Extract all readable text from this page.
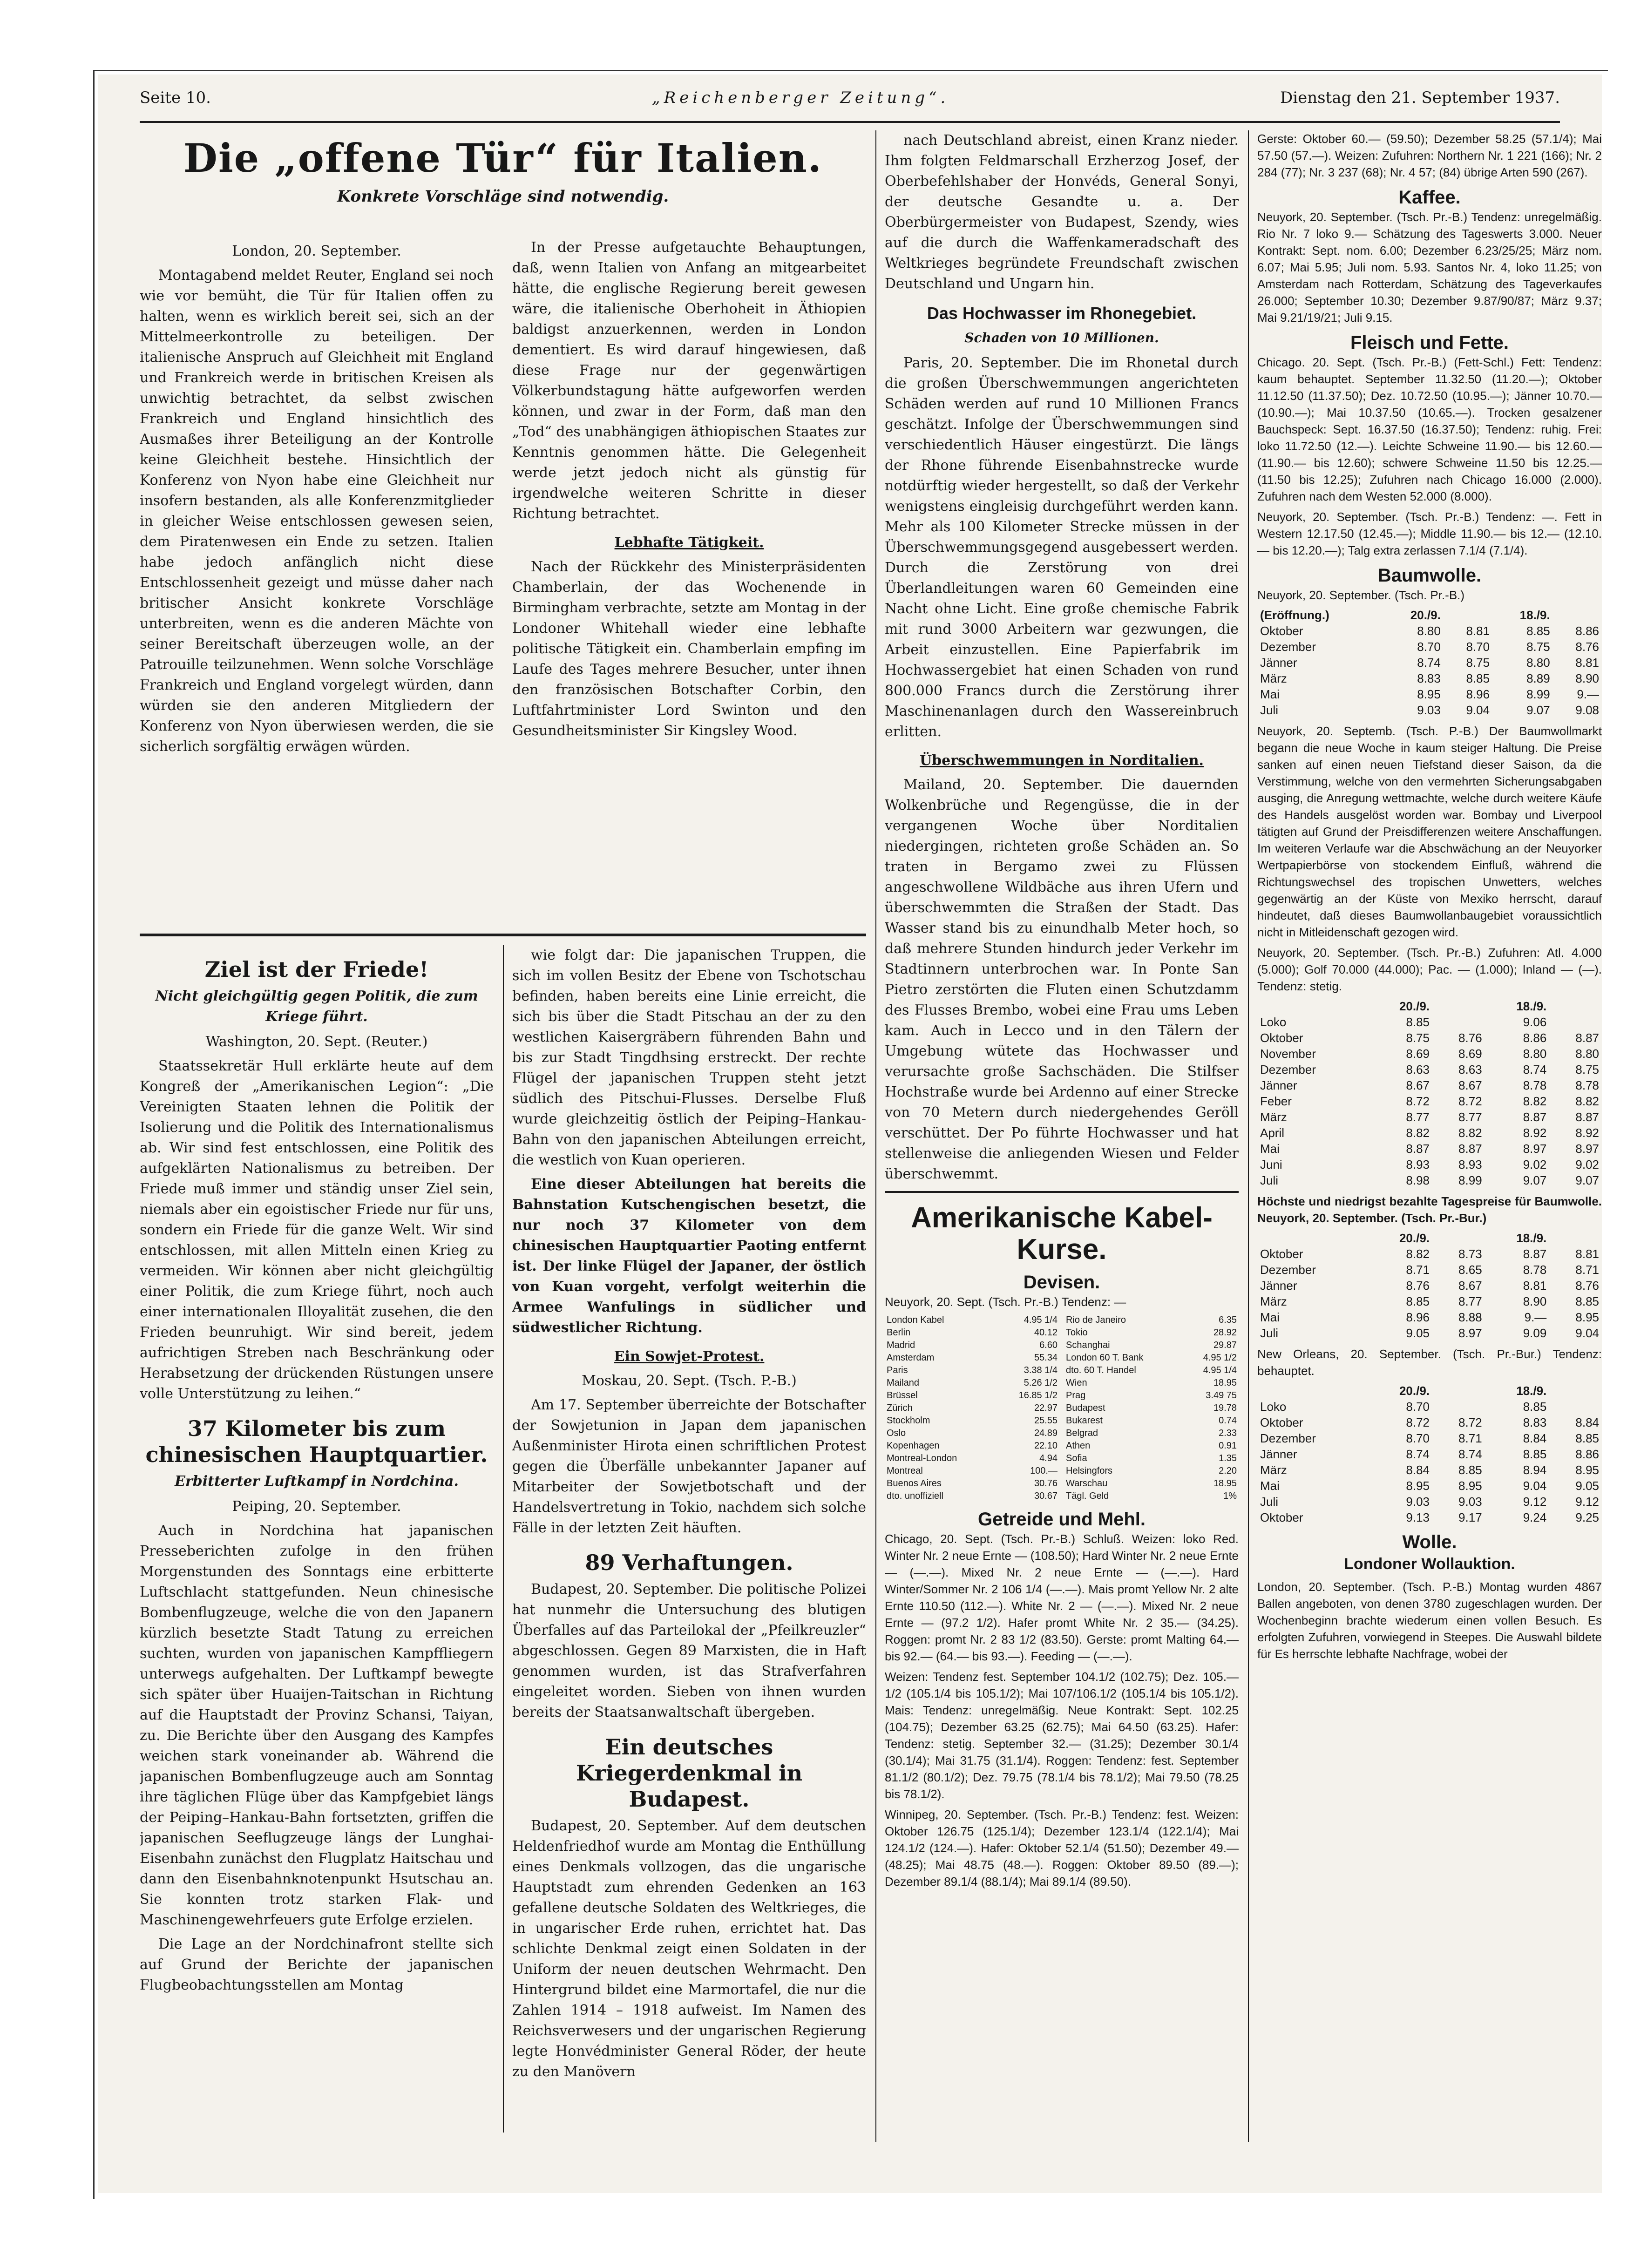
Seite 10.	„Reichenberger Zeitung“.	Dienstag den 21. September 1937.
Die „offene Tür“ für Italien.
Konkrete Vorschläge sind notwendig.

London, 20. September.

Montagabend meldet Reuter, England sei noch wie vor bemüht, die Tür für Italien offen zu halten, wenn es wirklich bereit sei, sich an der Mittelmeerkontrolle zu beteiligen. Der italienische Anspruch auf Gleichheit mit England und Frankreich werde in britischen Kreisen als unwichtig betrachtet, da selbst zwischen Frankreich und England hinsichtlich des Ausmaßes ihrer Beteiligung an der Kontrolle keine Gleichheit bestehe. Hinsichtlich der Konferenz von Nyon habe eine Gleichheit nur insofern bestanden, als alle Konferenzmitglieder in gleicher Weise entschlossen gewesen seien, dem Piratenwesen ein Ende zu setzen. Italien habe jedoch anfänglich nicht diese Entschlossenheit gezeigt und müsse daher nach britischer Ansicht konkrete Vorschläge unterbreiten, wenn es die anderen Mächte von seiner Bereitschaft überzeugen wolle, an der Patrouille teilzunehmen. Wenn solche Vorschläge Frankreich und England vorgelegt würden, dann würden sie den anderen Mitgliedern der Konferenz von Nyon überwiesen werden, die sie sicherlich sorgfältig erwägen würden.

In der Presse aufgetauchte Behauptungen, daß, wenn Italien von Anfang an mitgearbeitet hätte, die englische Regierung bereit gewesen wäre, die italienische Oberhoheit in Äthiopien baldigst anzuerkennen, werden in London dementiert. Es wird darauf hingewiesen, daß diese Frage nur der gegenwärtigen Völkerbundstagung hätte aufgeworfen werden können, und zwar in der Form, daß man den „Tod“ des unabhängigen äthiopischen Staates zur Kenntnis genommen hätte. Die Gelegenheit werde jetzt jedoch nicht als günstig für irgendwelche weiteren Schritte in dieser Richtung betrachtet.

Lebhafte Tätigkeit.

Nach der Rückkehr des Ministerpräsidenten Chamberlain, der das Wochenende in Birmingham verbrachte, setzte am Montag in der Londoner Whitehall wieder eine lebhafte politische Tätigkeit ein. Chamberlain empfing im Laufe des Tages mehrere Besucher, unter ihnen den französischen Botschafter Corbin, den Luftfahrtminister Lord Swinton und den Gesundheitsminister Sir Kingsley Wood.

Ziel ist der Friede!
Nicht gleichgültig gegen Politik, die zum Kriege führt.

Washington, 20. Sept. (Reuter.)

Staatssekretär Hull erklärte heute auf dem Kongreß der „Amerikanischen Legion“: „Die Vereinigten Staaten lehnen die Politik der Isolierung und die Politik des Internationalismus ab. Wir sind fest entschlossen, eine Politik des aufgeklärten Nationalismus zu betreiben. Der Friede muß immer und ständig unser Ziel sein, niemals aber ein egoistischer Friede nur für uns, sondern ein Friede für die ganze Welt. Wir sind entschlossen, mit allen Mitteln einen Krieg zu vermeiden. Wir können aber nicht gleichgültig einer Politik, die zum Kriege führt, noch auch einer internationalen Illoyalität zusehen, die den Frieden beunruhigt. Wir sind bereit, jedem aufrichtigen Streben nach Beschränkung oder Herabsetzung der drückenden Rüstungen unsere volle Unterstützung zu leihen.“

37 Kilometer bis zum chinesischen Hauptquartier.
Erbitterter Luftkampf in Nordchina.

Peiping, 20. September.

Auch in Nordchina hat japanischen Presseberichten zufolge in den frühen Morgenstunden des Sonntags eine erbitterte Luftschlacht stattgefunden. Neun chinesische Bombenflugzeuge, welche die von den Japanern kürzlich besetzte Stadt Tatung zu erreichen suchten, wurden von japanischen Kampffliegern unterwegs aufgehalten. Der Luftkampf bewegte sich später über Huaijen-Taitschan in Richtung auf die Hauptstadt der Provinz Schansi, Taiyan, zu. Die Berichte über den Ausgang des Kampfes weichen stark voneinander ab. Während die japanischen Bombenflugzeuge auch am Sonntag ihre täglichen Flüge über das Kampfgebiet längs der Peiping–Hankau-Bahn fortsetzten, griffen die japanischen Seeflugzeuge längs der Lunghai-Eisenbahn zunächst den Flugplatz Haitschau und dann den Eisenbahnknotenpunkt Hsutschau an. Sie konnten trotz starken Flak- und Maschinengewehrfeuers gute Erfolge erzielen.

Die Lage an der Nordchinafront stellte sich auf Grund der Berichte der japanischen Flugbeobachtungsstellen am Montag

wie folgt dar: Die japanischen Truppen, die sich im vollen Besitz der Ebene von Tschotschau befinden, haben bereits eine Linie erreicht, die sich bis über die Stadt Pitschau an der zu den westlichen Kaisergräbern führenden Bahn und bis zur Stadt Tingdhsing erstreckt. Der rechte Flügel der japanischen Truppen steht jetzt südlich des Pitschui-Flusses. Derselbe Fluß wurde gleichzeitig östlich der Peiping–Hankau-Bahn von den japanischen Abteilungen erreicht, die westlich von Kuan operieren.

Eine dieser Abteilungen hat bereits die Bahnstation Kutschengischen besetzt, die nur noch 37 Kilometer von dem chinesischen Hauptquartier Paoting entfernt ist. Der linke Flügel der Japaner, der östlich von Kuan vorgeht, verfolgt weiterhin die Armee Wanfulings in südlicher und südwestlicher Richtung.

Ein Sowjet-Protest.

Moskau, 20. Sept. (Tsch. P.-B.)

Am 17. September überreichte der Botschafter der Sowjetunion in Japan dem japanischen Außenminister Hirota einen schriftlichen Protest gegen die Überfälle unbekannter Japaner auf Mitarbeiter der Sowjetbotschaft und der Handelsvertretung in Tokio, nachdem sich solche Fälle in der letzten Zeit häuften.

89 Verhaftungen.

Budapest, 20. September. Die politische Polizei hat nunmehr die Untersuchung des blutigen Überfalles auf das Parteilokal der „Pfeilkreuzler“ abgeschlossen. Gegen 89 Marxisten, die in Haft genommen wurden, ist das Strafverfahren eingeleitet worden. Sieben von ihnen wurden bereits der Staatsanwaltschaft übergeben.

Ein deutsches Kriegerdenkmal in Budapest.

Budapest, 20. September. Auf dem deutschen Heldenfriedhof wurde am Montag die Enthüllung eines Denkmals vollzogen, das die ungarische Hauptstadt zum ehrenden Gedenken an 163 gefallene deutsche Soldaten des Weltkrieges, die in ungarischer Erde ruhen, errichtet hat. Das schlichte Denkmal zeigt einen Soldaten in der Uniform der neuen deutschen Wehrmacht. Den Hintergrund bildet eine Marmortafel, die nur die Zahlen 1914 – 1918 aufweist. Im Namen des Reichsverwesers und der ungarischen Regierung legte Honvédminister General Röder, der heute zu den Manövern

nach Deutschland abreist, einen Kranz nieder. Ihm folgten Feldmarschall Erzherzog Josef, der Oberbefehlshaber der Honvéds, General Sonyi, der deutsche Gesandte u. a. Der Oberbürgermeister von Budapest, Szendy, wies auf die durch die Waffenkameradschaft des Weltkrieges begründete Freundschaft zwischen Deutschland und Ungarn hin.

Das Hochwasser im Rhonegebiet.
Schaden von 10 Millionen.

Paris, 20. September. Die im Rhonetal durch die großen Überschwemmungen angerichteten Schäden werden auf rund 10 Millionen Francs geschätzt. Infolge der Überschwemmungen sind verschiedentlich Häuser eingestürzt. Die längs der Rhone führende Eisenbahnstrecke wurde notdürftig wieder hergestellt, so daß der Verkehr wenigstens eingleisig durchgeführt werden kann. Mehr als 100 Kilometer Strecke müssen in der Überschwemmungsgegend ausgebessert werden. Durch die Zerstörung von drei Überlandleitungen waren 60 Gemeinden eine Nacht ohne Licht. Eine große chemische Fabrik mit rund 3000 Arbeitern war gezwungen, die Arbeit einzustellen. Eine Papierfabrik im Hochwassergebiet hat einen Schaden von rund 800.000 Francs durch die Zerstörung ihrer Maschinenanlagen durch den Wassereinbruch erlitten.

Überschwemmungen in Norditalien.

Mailand, 20. September. Die dauernden Wolkenbrüche und Regengüsse, die in der vergangenen Woche über Norditalien niedergingen, richteten große Schäden an. So traten in Bergamo zwei zu Flüssen angeschwollene Wildbäche aus ihren Ufern und überschwemmten die Straßen der Stadt. Das Wasser stand bis zu einundhalb Meter hoch, so daß mehrere Stunden hindurch jeder Verkehr im Stadtinnern unterbrochen war. In Ponte San Pietro zerstörten die Fluten einen Schutzdamm des Flusses Brembo, wobei eine Frau ums Leben kam. Auch in Lecco und in den Tälern der Umgebung wütete das Hochwasser und verursachte große Sachschäden. Die Stilfser Hochstraße wurde bei Ardenno auf einer Strecke von 70 Metern durch niedergehendes Geröll verschüttet. Der Po führte Hochwasser und hat stellenweise die anliegenden Wiesen und Felder überschwemmt.

Amerikanische Kabel-Kurse.
Devisen.

Neuyork, 20. Sept. (Tsch. Pr.-B.) Tendenz: —

London Kabel	4.95 1/4
Berlin	40.12
Madrid	6.60
Amsterdam	55.34
Paris	3.38 1/4
Mailand	5.26 1/2
Brüssel	16.85 1/2
Zürich	22.97
Stockholm	25.55
Oslo	24.89
Kopenhagen	22.10
Montreal-London	4.94
Montreal	100.—
Buenos Aires	30.76
dto. unoffiziell	30.67
Rio de Janeiro	6.35
Tokio	28.92
Schanghai	29.87
London 60 T. Bank	4.95 1/2
dto. 60 T. Handel	4.95 1/4
Wien	18.95
Prag	3.49 75
Budapest	19.78
Bukarest	0.74
Belgrad	2.33
Athen	0.91
Sofia	1.35
Helsingfors	2.20
Warschau	18.95
Tägl. Geld	1%
Getreide und Mehl.

Chicago, 20. Sept. (Tsch. Pr.-B.) Schluß. Weizen: loko Red. Winter Nr. 2 neue Ernte — (108.50); Hard Winter Nr. 2 neue Ernte — (—.—). Mixed Nr. 2 neue Ernte — (—.—). Hard Winter/Sommer Nr. 2 106 1/4 (—.—). Mais promt Yellow Nr. 2 alte Ernte 110.50 (112.—). White Nr. 2 — (—.—). Mixed Nr. 2 neue Ernte — (97.2 1/2). Hafer promt White Nr. 2 35.— (34.25). Roggen: promt Nr. 2 83 1/2 (83.50). Gerste: promt Malting 64.— bis 92.— (64.— bis 93.—). Feeding — (—.—).

Weizen: Tendenz fest. September 104.1/2 (102.75); Dez. 105.—1/2 (105.1/4 bis 105.1/2); Mai 107/106.1/2 (105.1/4 bis 105.1/2). Mais: Tendenz: unregelmäßig. Neue Kontrakt: Sept. 102.25 (104.75); Dezember 63.25 (62.75); Mai 64.50 (63.25). Hafer: Tendenz: stetig. September 32.— (31.25); Dezember 30.1/4 (30.1/4); Mai 31.75 (31.1/4). Roggen: Tendenz: fest. September 81.1/2 (80.1/2); Dez. 79.75 (78.1/4 bis 78.1/2); Mai 79.50 (78.25 bis 78.1/2).

Winnipeg, 20. September. (Tsch. Pr.-B.) Tendenz: fest. Weizen: Oktober 126.75 (125.1/4); Dezember 123.1/4 (122.1/4); Mai 124.1/2 (124.—). Hafer: Oktober 52.1/4 (51.50); Dezember 49.— (48.25); Mai 48.75 (48.—). Roggen: Oktober 89.50 (89.—); Dezember 89.1/4 (88.1/4); Mai 89.1/4 (89.50).

Gerste: Oktober 60.— (59.50); Dezember 58.25 (57.1/4); Mai 57.50 (57.—). Weizen: Zufuhren: Northern Nr. 1 221 (166); Nr. 2 284 (77); Nr. 3 237 (68); Nr. 4 57; (84) übrige Arten 590 (267).

Kaffee.

Neuyork, 20. September. (Tsch. Pr.-B.) Tendenz: unregelmäßig. Rio Nr. 7 loko 9.— Schätzung des Tageswerts 3.000. Neuer Kontrakt: Sept. nom. 6.00; Dezember 6.23/25/25; März nom. 6.07; Mai 5.95; Juli nom. 5.93. Santos Nr. 4, loko 11.25; von Amsterdam nach Rotterdam, Schätzung des Tageverkaufes 26.000; September 10.30; Dezember 9.87/90/87; März 9.37; Mai 9.21/19/21; Juli 9.15.

Fleisch und Fette.

Chicago. 20. Sept. (Tsch. Pr.-B.) (Fett-Schl.) Fett: Tendenz: kaum behauptet. September 11.32.50 (11.20.—); Oktober 11.12.50 (11.37.50); Dez. 10.72.50 (10.95.—); Jänner 10.70.— (10.90.—); Mai 10.37.50 (10.65.—). Trocken gesalzener Bauchspeck: Sept. 16.37.50 (16.37.50); Tendenz: ruhig. Frei: loko 11.72.50 (12.—). Leichte Schweine 11.90.— bis 12.60.— (11.90.— bis 12.60); schwere Schweine 11.50 bis 12.25.— (11.50 bis 12.25); Zufuhren nach Chicago 16.000 (2.000). Zufuhren nach dem Westen 52.000 (8.000).

Neuyork, 20. September. (Tsch. Pr.-B.) Tendenz: —. Fett in Western 12.17.50 (12.45.—); Middle 11.90.— bis 12.— (12.10.— bis 12.20.—); Talg extra zerlassen 7.1/4 (7.1/4).

Baumwolle.

Neuyork, 20. September. (Tsch. Pr.-B.)

(Eröffnung.)	20./9.		18./9.	
Oktober	8.80	8.81	8.85	8.86
Dezember	8.70	8.70	8.75	8.76
Jänner	8.74	8.75	8.80	8.81
März	8.83	8.85	8.89	8.90
Mai	8.95	8.96	8.99	9.—
Juli	9.03	9.04	9.07	9.08

Neuyork, 20. Septemb. (Tsch. P.-B.) Der Baumwollmarkt begann die neue Woche in kaum steiger Haltung. Die Preise sanken auf einen neuen Tiefstand dieser Saison, da die Verstimmung, welche von den vermehrten Sicherungsabgaben ausging, die Anregung wettmachte, welche durch weitere Käufe des Handels ausgelöst worden war. Bombay und Liverpool tätigten auf Grund der Preisdifferenzen weitere Anschaffungen. Im weiteren Verlaufe war die Abschwächung an der Neuyorker Wertpapierbörse von stockendem Einfluß, während die Richtungswechsel des tropischen Unwetters, welches gegenwärtig an der Küste von Mexiko herrscht, darauf hindeutet, daß dieses Baumwollanbaugebiet voraussichtlich nicht in Mitleidenschaft gezogen wird.

Neuyork, 20. September. (Tsch. Pr.-B.) Zufuhren: Atl. 4.000 (5.000); Golf 70.000 (44.000); Pac. — (1.000); Inland — (—). Tendenz: stetig.

	20./9.		18./9.	
Loko	8.85		9.06	
Oktober	8.75	8.76	8.86	8.87
November	8.69	8.69	8.80	8.80
Dezember	8.63	8.63	8.74	8.75
Jänner	8.67	8.67	8.78	8.78
Feber	8.72	8.72	8.82	8.82
März	8.77	8.77	8.87	8.87
April	8.82	8.82	8.92	8.92
Mai	8.87	8.87	8.97	8.97
Juni	8.93	8.93	9.02	9.02
Juli	8.98	8.99	9.07	9.07

Höchste und niedrigst bezahlte Tagespreise für Baumwolle. Neuyork, 20. September. (Tsch. Pr.-Bur.)

	20./9.		18./9.	
Oktober	8.82	8.73	8.87	8.81
Dezember	8.71	8.65	8.78	8.71
Jänner	8.76	8.67	8.81	8.76
März	8.85	8.77	8.90	8.85
Mai	8.96	8.88	9.—	8.95
Juli	9.05	8.97	9.09	9.04

New Orleans, 20. September. (Tsch. Pr.-Bur.) Tendenz: behauptet.

	20./9.		18./9.	
Loko	8.70		8.85	
Oktober	8.72	8.72	8.83	8.84
Dezember	8.70	8.71	8.84	8.85
Jänner	8.74	8.74	8.85	8.86
März	8.84	8.85	8.94	8.95
Mai	8.95	8.95	9.04	9.05
Juli	9.03	9.03	9.12	9.12
Oktober	9.13	9.17	9.24	9.25
Wolle.
Londoner Wollauktion.

London, 20. September. (Tsch. P.-B.) Montag wurden 4867 Ballen angeboten, von denen 3780 zugeschlagen wurden. Der Wochenbeginn brachte wiederum einen vollen Besuch. Es erfolgten Zufuhren, vorwiegend in Steepes. Die Auswahl bildete für Es herrschte lebhafte Nachfrage, wobei der
